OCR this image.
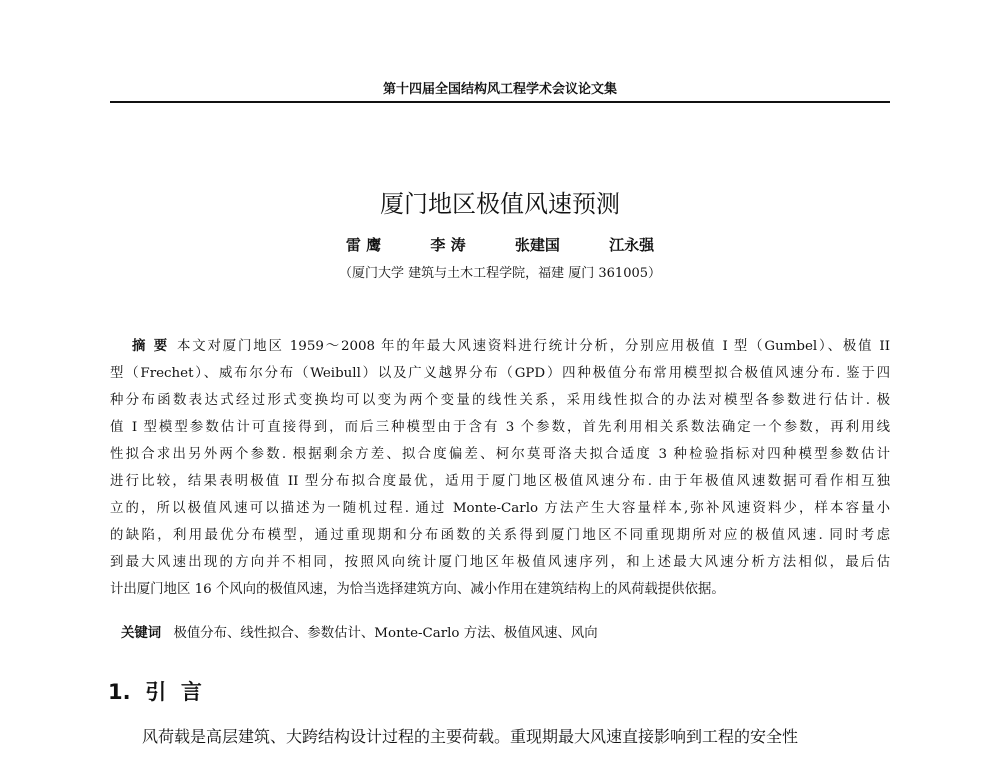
第十四届全国结构风工程学术会议论文集
厦门地区极值风速预测
雷 鹰	李 涛	张建国	江永强
（厦门大学 建筑与土木工程学院，福建 厦门 361005）
摘 要 本文对厦门地区 1959～2008 年的年最大风速资料进行统计分析，分别应用极值 I 型（Gumbel）、极值 II
型（Frechet）、威布尔分布（Weibull）以及广义越界分布（GPD）四种极值分布常用模型拟合极值风速分布. 鉴于四
种分布函数表达式经过形式变换均可以变为两个变量的线性关系，采用线性拟合的办法对模型各参数进行估计. 极
值 I 型模型参数估计可直接得到，而后三种模型由于含有 3 个参数，首先利用相关系数法确定一个参数，再利用线
性拟合求出另外两个参数. 根据剩余方差、拟合度偏差、柯尔莫哥洛夫拟合适度 3 种检验指标对四种模型参数估计
进行比较，结果表明极值 II 型分布拟合度最优，适用于厦门地区极值风速分布. 由于年极值风速数据可看作相互独
立的，所以极值风速可以描述为一随机过程. 通过 Monte-Carlo 方法产生大容量样本,弥补风速资料少，样本容量小
的缺陷，利用最优分布模型，通过重现期和分布函数的关系得到厦门地区不同重现期所对应的极值风速. 同时考虑
到最大风速出现的方向并不相同，按照风向统计厦门地区年极值风速序列，和上述最大风速分析方法相似，最后估
计出厦门地区 16 个风向的极值风速，为恰当选择建筑方向、减小作用在建筑结构上的风荷载提供依据。
关键词 极值分布、线性拟合、参数估计、Monte-Carlo 方法、极值风速、风向
1.  引  言
风荷载是高层建筑、大跨结构设计过程的主要荷载。重现期最大风速直接影响到工程的安全性
